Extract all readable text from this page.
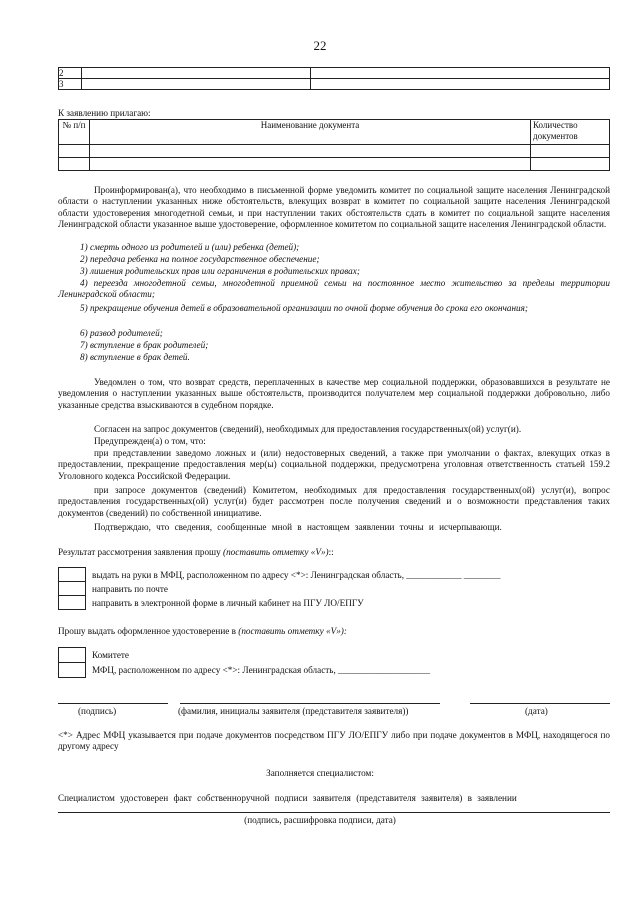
22
2		
3		
К заявлению прилагаю:
№ п/п	Наименование документа	Количество документов

Проинформирован(а), что необходимо в письменной форме уведомить комитет по социальной защите населения Ленинградской области о наступлении указанных ниже обстоятельств, влекущих возврат в комитет по социальной защите населения Ленинградской области удостоверения многодетной семьи, и при наступлении таких обстоятельств сдать в комитет по социальной защите населения Ленинградской области указанное выше удостоверение, оформленное комитетом по социальной защите населения Ленинградской области.
1) смерть одного из родителей и (или) ребенка (детей);
2) передача ребенка на полное государственное обеспечение;
3) лишения родительских прав или ограничения в родительских правах;
4) переезда многодетной семьи, многодетной приемной семьи на постоянное место жительство за пределы территории Ленинградской области;
5) прекращение обучения детей в образовательной организации по очной форме обучения до срока его окончания;
6) развод родителей;
7) вступление в брак родителей;
8) вступление в брак детей.
Уведомлен о том, что возврат средств, переплаченных в качестве мер социальной поддержки, образовавшихся в результате не уведомления о наступлении указанных выше обстоятельств, производится получателем мер социальной поддержки добровольно, либо указанные средства взыскиваются в судебном порядке.
Согласен на запрос документов (сведений), необходимых для предоставления государственных(ой) услуг(и).
Предупрежден(а) о том, что:
при представлении заведомо ложных и (или) недостоверных сведений, а также при умолчании о фактах, влекущих отказ в предоставлении, прекращение предоставления мер(ы) социальной поддержки, предусмотрена уголовная ответственность статьей 159.2 Уголовного кодекса Российской Федерации.
при запросе документов (сведений) Комитетом, необходимых для предоставления государственных(ой) услуг(и), вопрос предоставления государственных(ой) услуг(и) будет рассмотрен после получения сведений и о возможности представления таких документов (сведений) по собственной инициативе.
Подтверждаю, что сведения, сообщенные мной в настоящем заявлении точны и исчерпывающи.
Результат рассмотрения заявления прошу (поставить отметку «V»)::
выдать на руки в МФЦ, расположенном по адресу <*>: Ленинградская область, ____________ ________
направить по почте
направить в электронной форме в личный кабинет на ПГУ ЛО/ЕПГУ
Прошу выдать оформленное удостоверение в (поставить отметку «V»):
Комитете
МФЦ, расположенном по адресу <*>: Ленинградская область, ____________________
(подпись)	(фамилия, инициалы заявителя (представителя заявителя))	(дата)
<*> Адрес МФЦ указывается при подаче документов посредством ПГУ ЛО/ЕПГУ либо при подаче документов в МФЦ, находящегося по другому адресу
Заполняется специалистом:
Специалистом удостоверен факт собственноручной подписи заявителя (представителя заявителя) в заявлении
(подпись, расшифровка подписи, дата)
